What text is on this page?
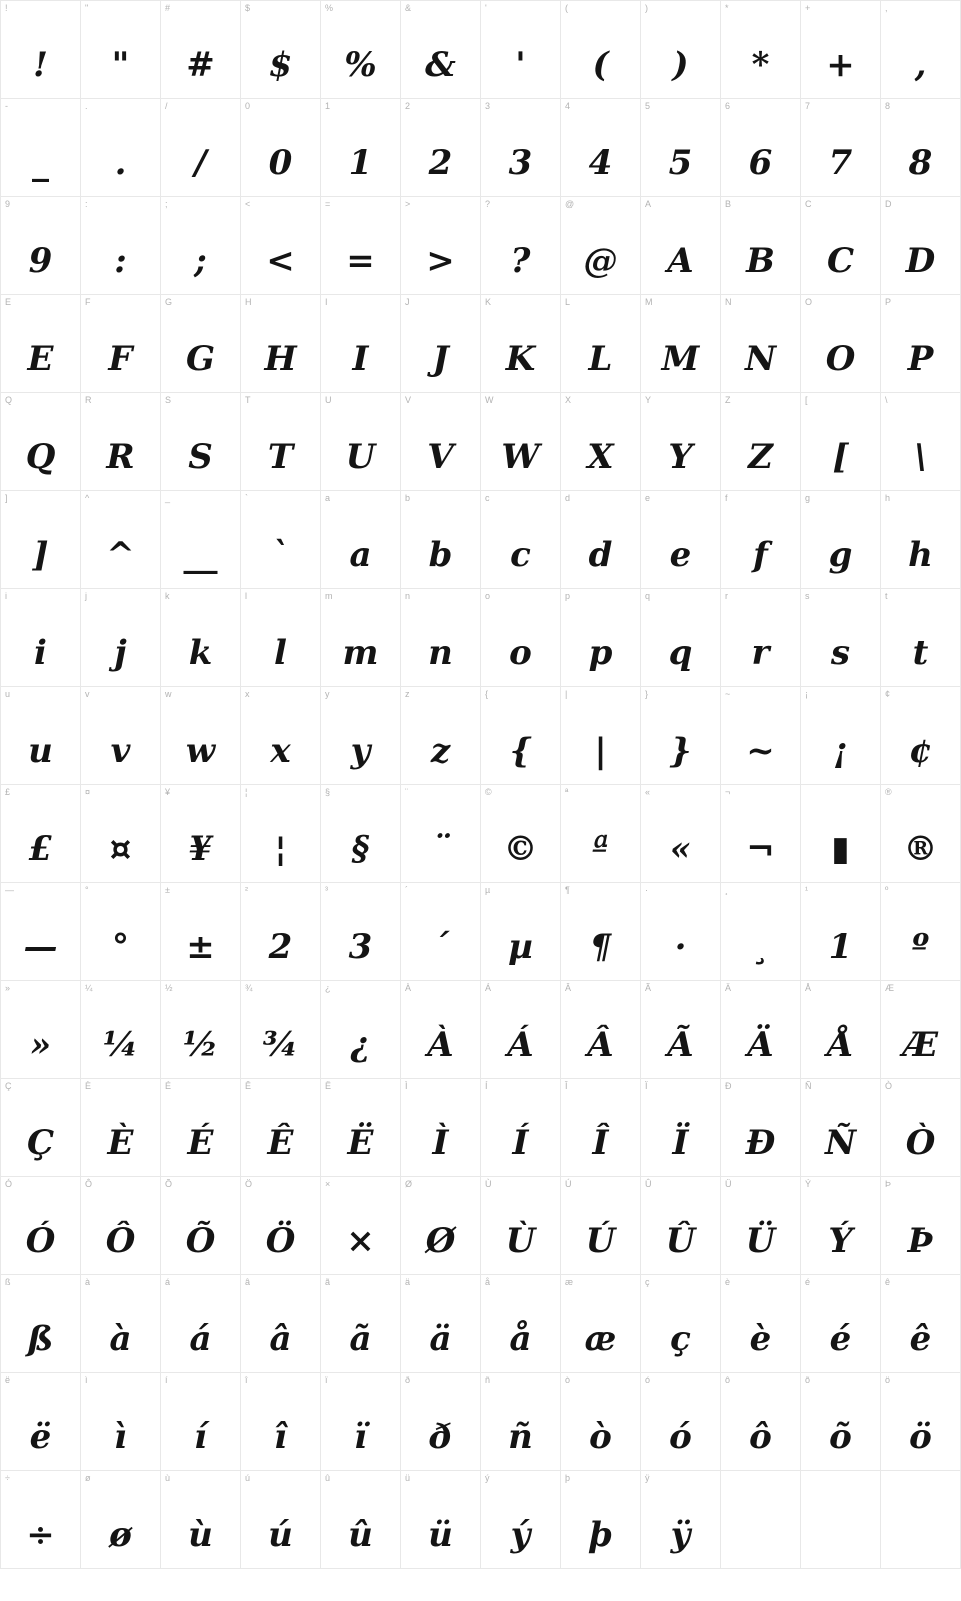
!
!
"
"
#
#
$
$
%
%
&
&
'
'
(
(
)
)
*
*
+
+
,
,
-
_
.
.
/
/
0
0
1
1
2
2
3
3
4
4
5
5
6
6
7
7
8
8
9
9
:
:
;
;
<
<
=
=
>
>
?
?
@
@
A
A
B
B
C
C
D
D
E
E
F
F
G
G
H
H
I
I
J
J
K
K
L
L
M
M
N
N
O
O
P
P
Q
Q
R
R
S
S
T
T
U
U
V
V
W
W
X
X
Y
Y
Z
Z
[
[
\
\
]
]
^
^
_
__
`
`
a
a
b
b
c
c
d
d
e
e
f
f
g
g
h
h
i
i
j
j
k
k
l
l
m
m
n
n
o
o
p
p
q
q
r
r
s
s
t
t
u
u
v
v
w
w
x
x
y
y
z
z
{
{
|
|
}
}
~
~
¡
¡
¢
¢
£
£
¤
¤
¥
¥
¦
¦
§
§
¨
¨
©
©
ª
ª
«
«
¬
¬	▮
®
®
—
—
°
°
±
±
²
2
³
3
´
´
µ
µ
¶
¶
·
·
¸
¸
¹
1
º
º
»
»
¼
¼
½
½
¾
¾
¿
¿
À
À
Á
Á
Â
Â
Ã
Ã
Ä
Ä
Å
Å
Æ
Æ
Ç
Ç
È
È
É
É
Ê
Ê
Ë
Ë
Ì
Ì
Í
Í
Î
Î
Ï
Ï
Ð
Ð
Ñ
Ñ
Ò
Ò
Ó
Ó
Ô
Ô
Õ
Õ
Ö
Ö
×
×
Ø
Ø
Ù
Ù
Ú
Ú
Û
Û
Ü
Ü
Ý
Ý
Þ
Þ
ß
ß
à
à
á
á
â
â
ã
ã
ä
ä
å
å
æ
æ
ç
ç
è
è
é
é
ê
ê
ë
ë
ì
ì
í
í
î
î
ï
ï
ð
ð
ñ
ñ
ò
ò
ó
ó
ô
ô
õ
õ
ö
ö
÷
÷
ø
ø
ù
ù
ú
ú
û
û
ü
ü
ý
ý
þ
þ
ÿ
ÿ
